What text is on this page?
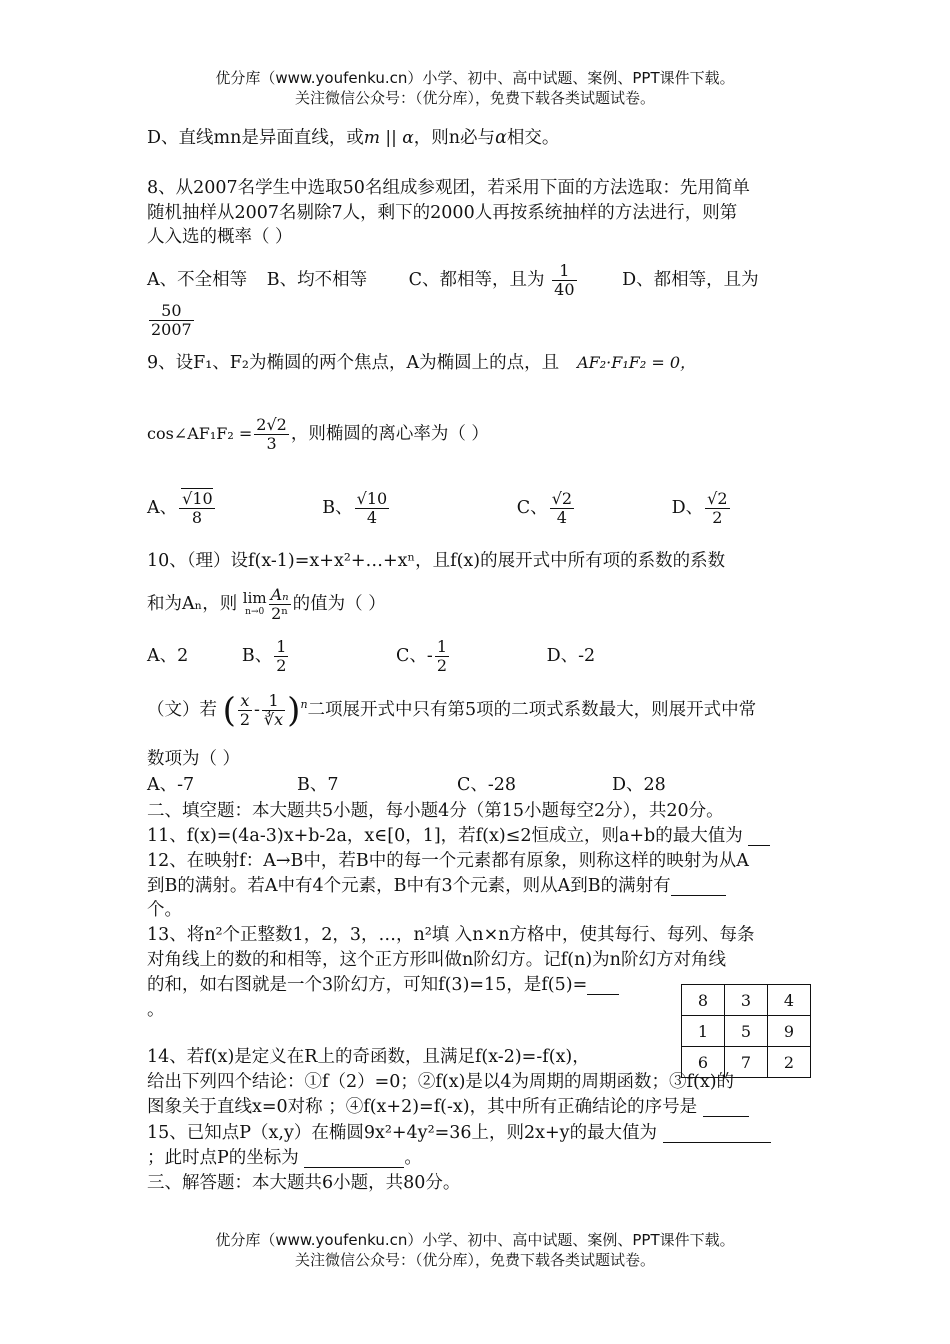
优分库（www.youfenku.cn）小学、初中、高中试题、案例、PPT课件下载。
关注微信公众号：（优分库），免费下载各类试题试卷。
D、直线mn是异面直线，或m || α，则n必与α相交。
8、从2007名学生中选取50名组成参观团，若采用下面的方法选取：先用简单
随机抽样从2007名剔除7人，剩下的2000人再按系统抽样的方法进行，则第
人入选的概率（ ）
A、不全相等 B、均不相等 C、都相等，且为 $\frac{1}{40}$	D、都相等，且为
$\frac{50}{2007}$
9、设F₁、F₂为椭圆的两个焦点，A为椭圆上的点，且 AF₂·F₁F₂ = 0，
cos∠AF₁F₂ = $\frac{2√2}{3}$ ，则椭圆的离心率为（ ）
A、 $\frac{√10}{8}$	B、 $\frac{√10}{4}$	C、 $\frac{√2}{4}$	D、 $\frac{√2}{2}$
10、（理）设f(x-1)=x+x²+…+xⁿ，且f(x)的展开式中所有项的系数的系数
和为Aₙ，则 lim
$n\to 0 \frac{\text{Aₙ}}{\text{2ⁿ}}$ 的值为（ ）
A、2	B、 $\frac{1}{2}$	C、- $\frac{1}{2}$	D、-2
（文）若 ( $\frac{x}{2} - \frac{1}{∛x} )^n$二项展开式中只有第5项的二项式系数最大，则展开式中常
数项为（ ）
A、-7	B、7	C、-28	D、28
二、填空题：本大题共5小题，每小题4分（第15小题每空2分），共20分。
11、f(x)=(4a-3)x+b-2a，x∈[0，1]，若f(x)≤2恒成立，则a+b的最大值为
12、在映射f：A→B中，若B中的每一个元素都有原象，则称这样的映射为从A
到B的满射。若A中有4个元素，B中有3个元素，则从A到B的满射有
个。
13、将n²个正整数1，2，3，…，n²填 入n×n方格中，使其每行、每列、每条
对角线上的数的和相等，这个正方形叫做n阶幻方。记f(n)为n阶幻方对角线
的和，如右图就是一个3阶幻方，可知f(3)=15，是f(5)=
。	8	3	4
1	5	9
6	7	2
14、若f(x)是定义在R上的奇函数，且满足f(x-2)=-f(x)，
给出下列四个结论：①f（2）=0；②f(x)是以4为周期的周期函数；③f(x)的
图象关于直线x=0对称 ；④f(x+2)=f(-x)，其中所有正确结论的序号是
15、已知点P（x,y）在椭圆9x²+4y²=36上，则2x+y的最大值为
；此时点P的坐标为	。
三、解答题：本大题共6小题，共80分。
优分库（www.youfenku.cn）小学、初中、高中试题、案例、PPT课件下载。
关注微信公众号：（优分库），免费下载各类试题试卷。
